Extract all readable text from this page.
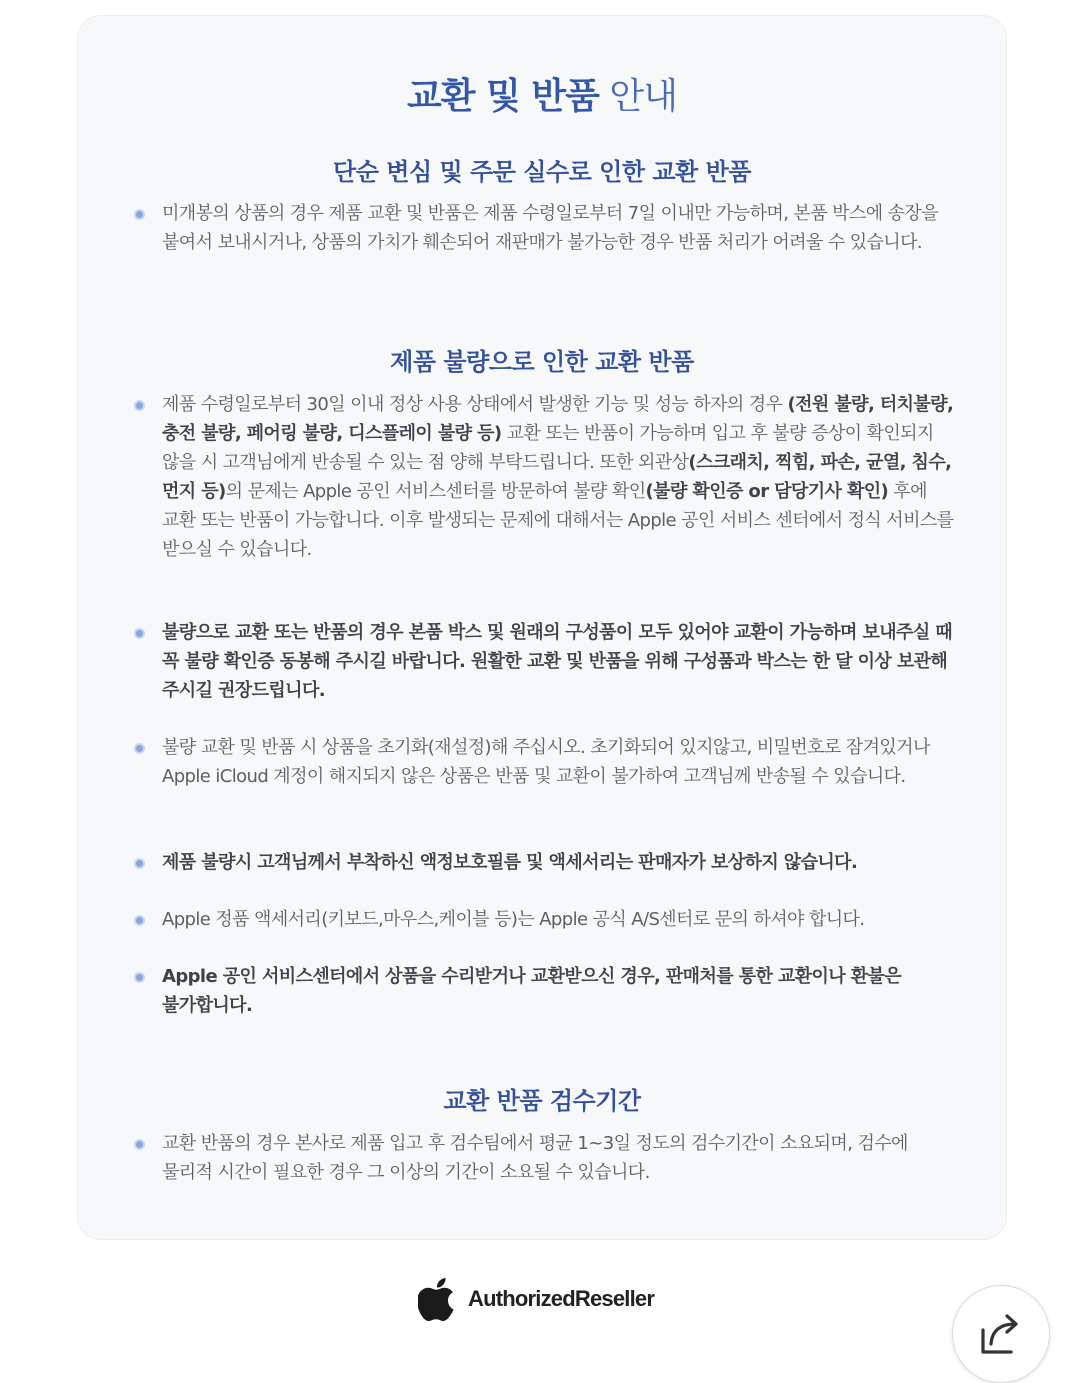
교환 및 반품 안내
단순 변심 및 주문 실수로 인한 교환 반품
미개봉의 상품의 경우 제품 교환 및 반품은 제품 수령일로부터 7일 이내만 가능하며, 본품 박스에 송장을 붙여서 보내시거나, 상품의 가치가 훼손되어 재판매가 불가능한 경우 반품 처리가 어려울 수 있습니다.
제품 불량으로 인한 교환 반품
제품 수령일로부터 30일 이내 정상 사용 상태에서 발생한 기능 및 성능 하자의 경우 (전원 불량, 터치불량, 충전 불량, 페어링 불량, 디스플레이 불량 등) 교환 또는 반품이 가능하며 입고 후 불량 증상이 확인되지 않을 시 고객님에게 반송될 수 있는 점 양해 부탁드립니다. 또한 외관상(스크래치, 찍힘, 파손, 균열, 침수, 먼지 등)의 문제는 Apple 공인 서비스센터를 방문하여 불량 확인(불량 확인증 or 담당기사 확인) 후에 교환 또는 반품이 가능합니다. 이후 발생되는 문제에 대해서는 Apple 공인 서비스 센터에서 정식 서비스를 받으실 수 있습니다.
불량으로 교환 또는 반품의 경우 본품 박스 및 원래의 구성품이 모두 있어야 교환이 가능하며 보내주실 때 꼭 불량 확인증 동봉해 주시길 바랍니다. 원활한 교환 및 반품을 위해 구성품과 박스는 한 달 이상 보관해 주시길 권장드립니다.
불량 교환 및 반품 시 상품을 초기화(재설정)해 주십시오. 초기화되어 있지않고, 비밀번호로 잠겨있거나 Apple iCloud 계정이 해지되지 않은 상품은 반품 및 교환이 불가하여 고객님께 반송될 수 있습니다.
제품 불량시 고객님께서 부착하신 액정보호필름 및 액세서리는 판매자가 보상하지 않습니다.
Apple 정품 액세서리(키보드,마우스,케이블 등)는 Apple 공식 A/S센터로 문의 하셔야 합니다.
Apple 공인 서비스센터에서 상품을 수리받거나 교환받으신 경우, 판매처를 통한 교환이나 환불은 불가합니다.
교환 반품 검수기간
교환 반품의 경우 본사로 제품 입고 후 검수팀에서 평균 1~3일 정도의 검수기간이 소요되며, 검수에 물리적 시간이 필요한 경우 그 이상의 기간이 소요될 수 있습니다.
AuthorizedReseller
